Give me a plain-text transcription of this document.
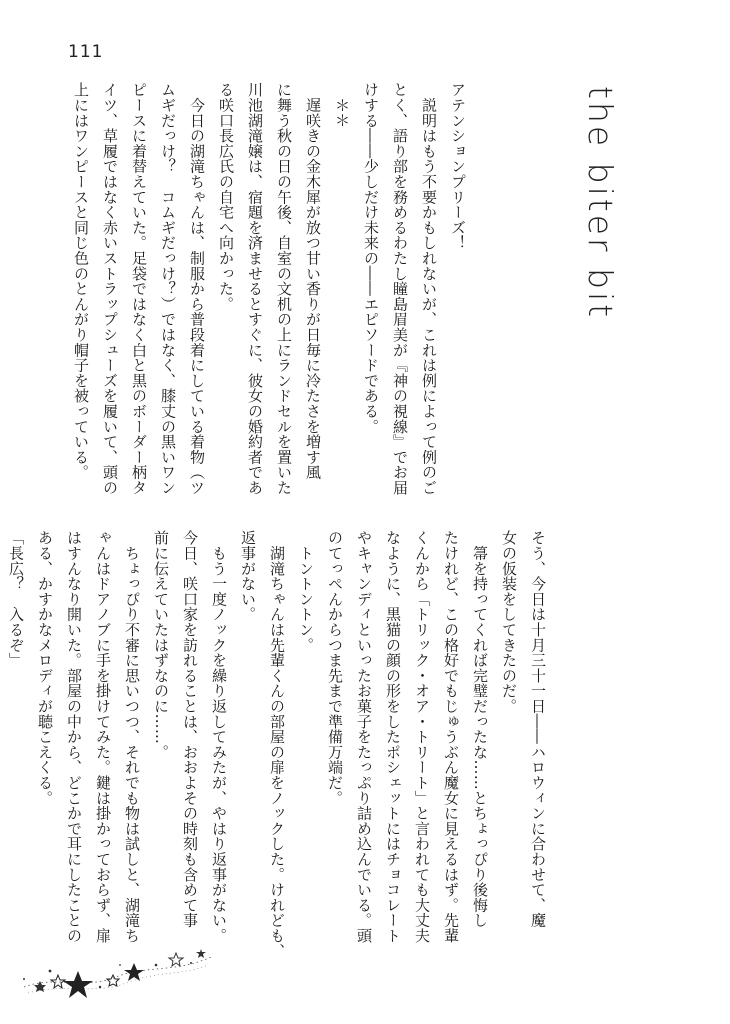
111
the biter bit

アテンションプリーズ！
　説明はもう不要かもしれないが、これは例によって例のご
とく、語り部を務めるわたし瞳島眉美が『神の視線』でお届
けする――少しだけ未来の――エピソードである。
　＊＊
　遅咲きの金木犀が放つ甘い香りが日毎に冷たさを増す風
に舞う秋の日の午後、自室の文机の上にランドセルを置いた
川池湖滝嬢は、宿題を済ませるとすぐに、彼女の婚約者であ
る咲口長広氏の自宅へ向かった。
　今日の湖滝ちゃんは、制服から普段着にしている着物（ツ
ムギだっけ？　コムギだっけ？）ではなく、膝丈の黒いワン
ピースに着替えていた。足袋ではなく白と黒のボーダー柄タ
イツ、草履ではなく赤いストラップシューズを履いて、頭の
上にはワンピースと同じ色のとんがり帽子を被っている。

そう、今日は十月三十一日――ハロウィンに合わせて、魔
女の仮装をしてきたのだ。
　箒を持ってくれば完璧だったな……とちょっぴり後悔し
たけれど、この格好でもじゅうぶん魔女に見えるはず。先輩
くんから「トリック・オア・トリート」と言われても大丈夫
なように、黒猫の顔の形をしたポシェットにはチョコレート
やキャンディといったお菓子をたっぷり詰め込んでいる。頭
のてっぺんからつま先まで準備万端だ。
　トントントン。
　湖滝ちゃんは先輩くんの部屋の扉をノックした。けれども、
返事がない。
　もう一度ノックを繰り返してみたが、やはり返事がない。
今日、咲口家を訪れることは、おおよその時刻も含めて事
前に伝えていたはずなのに……。
　ちょっぴり不審に思いつつ、それでも物は試しと、湖滝ち
ゃんはドアノブに手を掛けてみた。鍵は掛かっておらず、扉
はすんなり開いた。部屋の中から、どこかで耳にしたことの
ある、かすかなメロディが聴こえくる。
「長広？　入るぞ」
